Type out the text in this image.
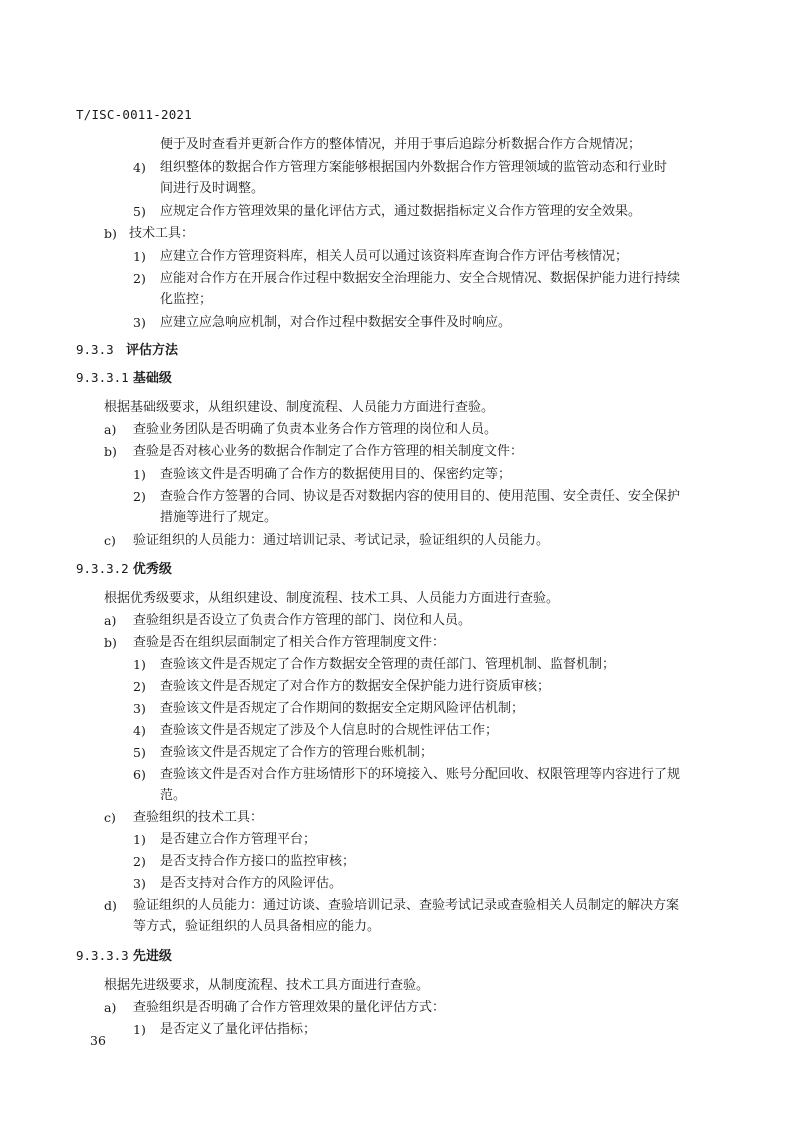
T/ISC-0011-2021
便于及时查看并更新合作方的整体情况，并用于事后追踪分析数据合作方合规情况；
4) 组织整体的数据合作方管理方案能够根据国内外数据合作方管理领域的监管动态和行业时
间进行及时调整。
5) 应规定合作方管理效果的量化评估方式，通过数据指标定义合作方管理的安全效果。
b) 技术工具：
1) 应建立合作方管理资料库，相关人员可以通过该资料库查询合作方评估考核情况；
2) 应能对合作方在开展合作过程中数据安全治理能力、安全合规情况、数据保护能力进行持续
化监控；
3) 应建立应急响应机制，对合作过程中数据安全事件及时响应。
9.3.3 评估方法
9.3.3.1 基础级
根据基础级要求，从组织建设、制度流程、人员能力方面进行查验。
a) 查验业务团队是否明确了负责本业务合作方管理的岗位和人员。
b) 查验是否对核心业务的数据合作制定了合作方管理的相关制度文件：
1) 查验该文件是否明确了合作方的数据使用目的、保密约定等；
2) 查验合作方签署的合同、协议是否对数据内容的使用目的、使用范围、安全责任、安全保护
措施等进行了规定。
c) 验证组织的人员能力：通过培训记录、考试记录，验证组织的人员能力。
9.3.3.2 优秀级
根据优秀级要求，从组织建设、制度流程、技术工具、人员能力方面进行查验。
a) 查验组织是否设立了负责合作方管理的部门、岗位和人员。
b) 查验是否在组织层面制定了相关合作方管理制度文件：
1) 查验该文件是否规定了合作方数据安全管理的责任部门、管理机制、监督机制；
2) 查验该文件是否规定了对合作方的数据安全保护能力进行资质审核；
3) 查验该文件是否规定了合作期间的数据安全定期风险评估机制；
4) 查验该文件是否规定了涉及个人信息时的合规性评估工作；
5) 查验该文件是否规定了合作方的管理台账机制；
6) 查验该文件是否对合作方驻场情形下的环境接入、账号分配回收、权限管理等内容进行了规
范。
c) 查验组织的技术工具：
1) 是否建立合作方管理平台；
2) 是否支持合作方接口的监控审核；
3) 是否支持对合作方的风险评估。
d) 验证组织的人员能力：通过访谈、查验培训记录、查验考试记录或查验相关人员制定的解决方案
等方式，验证组织的人员具备相应的能力。
9.3.3.3 先进级
根据先进级要求，从制度流程、技术工具方面进行查验。
a) 查验组织是否明确了合作方管理效果的量化评估方式：
1) 是否定义了量化评估指标；
36
